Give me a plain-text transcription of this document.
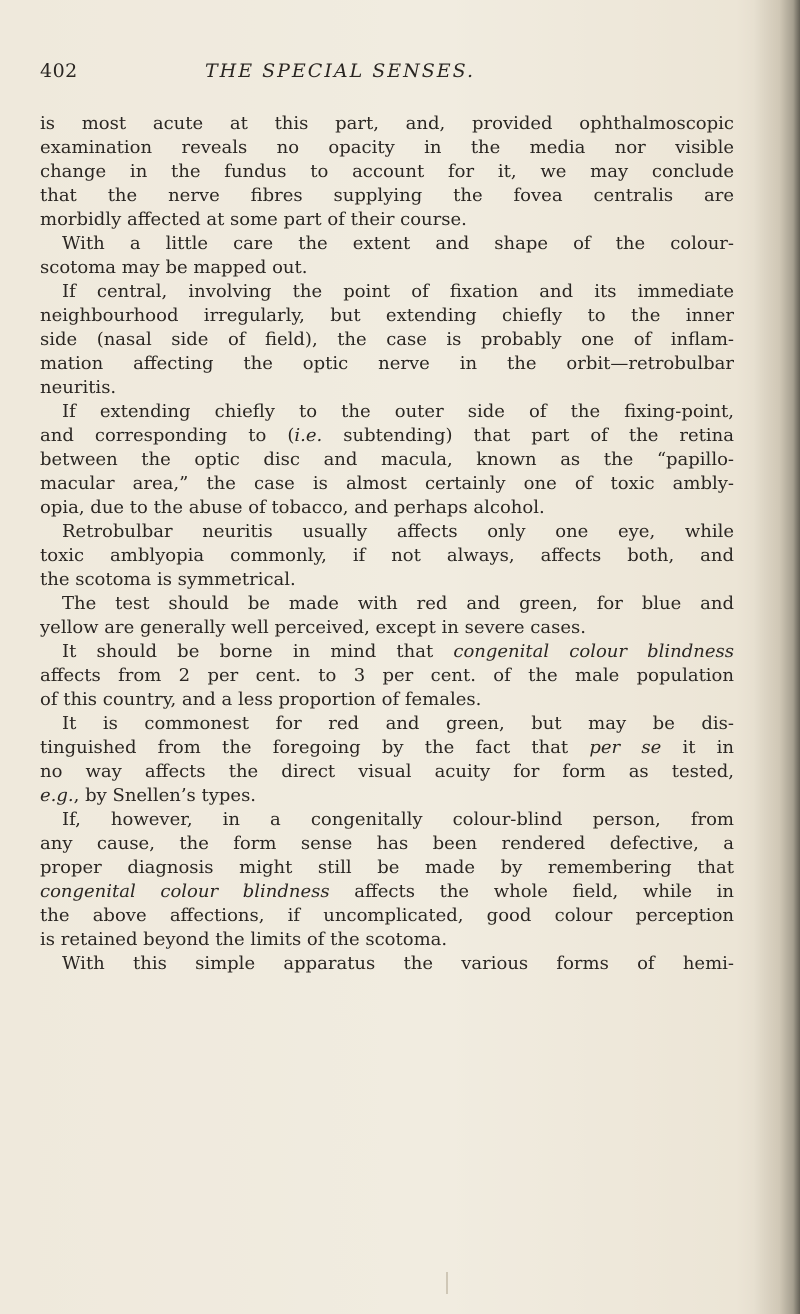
402	THE SPECIAL SENSES.
is most acute at this part, and, provided ophthalmoscopic
examination reveals no opacity in the media nor visible
change in the fundus to account for it, we may conclude
that the nerve fibres supplying the fovea centralis are
morbidly affected at some part of their course.
With a little care the extent and shape of the colour-
scotoma may be mapped out.
If central, involving the point of fixation and its immediate
neighbourhood irregularly, but extending chiefly to the inner
side (nasal side of field), the case is probably one of inflam-
mation affecting the optic nerve in the orbit—retrobulbar
neuritis.
If extending chiefly to the outer side of the fixing-point,
and corresponding to (i.e. subtending) that part of the retina
between the optic disc and macula, known as the “papillo-
macular area,” the case is almost certainly one of toxic ambly-
opia, due to the abuse of tobacco, and perhaps alcohol.
Retrobulbar neuritis usually affects only one eye, while
toxic amblyopia commonly, if not always, affects both, and
the scotoma is symmetrical.
The test should be made with red and green, for blue and
yellow are generally well perceived, except in severe cases.
It should be borne in mind that congenital colour blindness
affects from 2 per cent. to 3 per cent. of the male population
of this country, and a less proportion of females.
It is commonest for red and green, but may be dis-
tinguished from the foregoing by the fact that per se it in
no way affects the direct visual acuity for form as tested,
e.g., by Snellen’s types.
If, however, in a congenitally colour-blind person, from
any cause, the form sense has been rendered defective, a
proper diagnosis might still be made by remembering that
congenital colour blindness affects the whole field, while in
the above affections, if uncomplicated, good colour perception
is retained beyond the limits of the scotoma.
With this simple apparatus the various forms of hemi-
